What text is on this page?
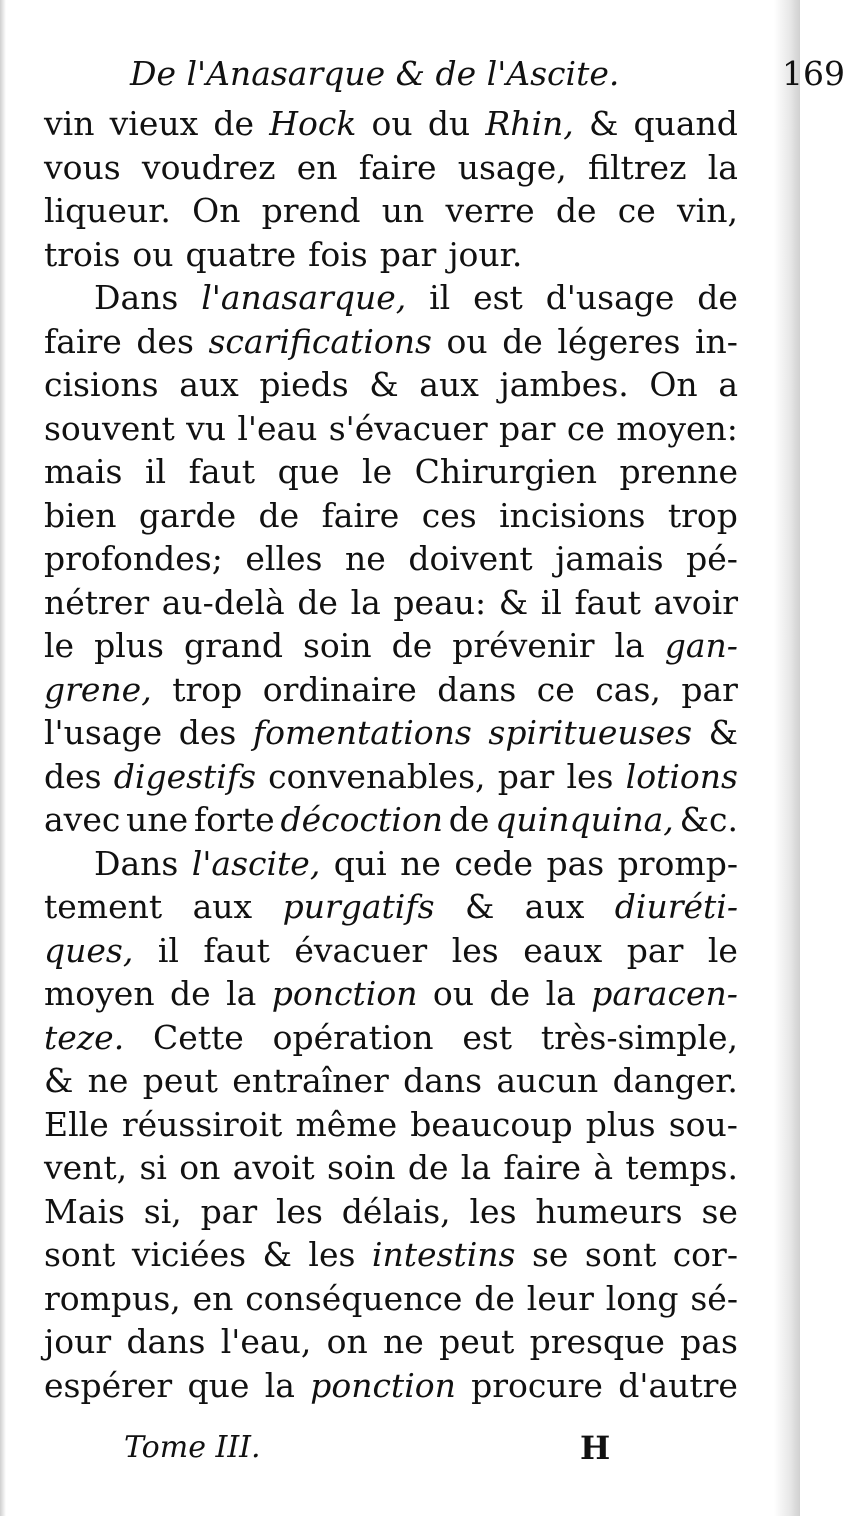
De l'Anasarque & de l'Ascite.	169
vin vieux de Hock ou du Rhin, & quand
vous voudrez en faire usage, filtrez la
liqueur. On prend un verre de ce vin,
trois ou quatre fois par jour.
Dans l'anasarque, il est d'usage de
faire des scarifications ou de légeres in-
cisions aux pieds & aux jambes. On a
souvent vu l'eau s'évacuer par ce moyen:
mais il faut que le Chirurgien prenne
bien garde de faire ces incisions trop
profondes; elles ne doivent jamais pé-
nétrer au-delà de la peau: & il faut avoir
le plus grand soin de prévenir la gan-
grene, trop ordinaire dans ce cas, par
l'usage des fomentations spiritueuses &
des digestifs convenables, par les lotions
avec une forte décoction de quinquina, &c.
Dans l'ascite, qui ne cede pas promp-
tement aux purgatifs & aux diuréti-
ques, il faut évacuer les eaux par le
moyen de la ponction ou de la paracen-
teze. Cette opération est très-simple,
& ne peut entraîner dans aucun danger.
Elle réussiroit même beaucoup plus sou-
vent, si on avoit soin de la faire à temps.
Mais si, par les délais, les humeurs se
sont viciées & les intestins se sont cor-
rompus, en conséquence de leur long sé-
jour dans l'eau, on ne peut presque pas
espérer que la ponction procure d'autre
Tome III.	H
